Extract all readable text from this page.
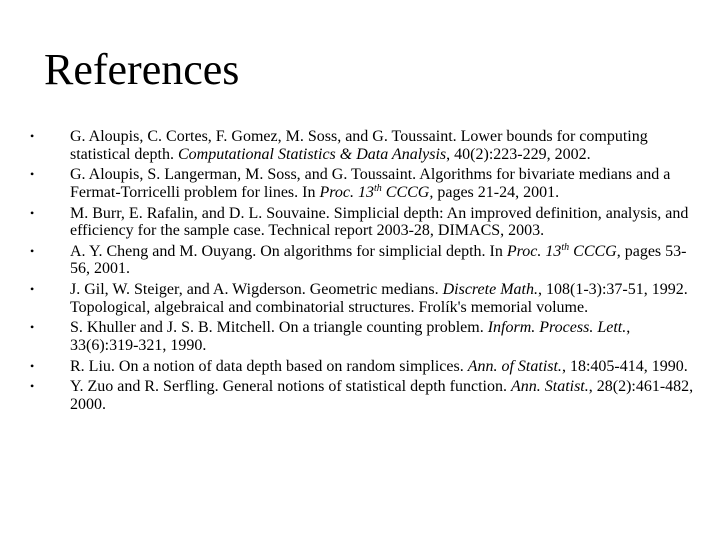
References
• G. Aloupis, C. Cortes, F. Gomez, M. Soss, and G. Toussaint. Lower bounds for computing statistical depth. Computational Statistics & Data Analysis, 40(2):223-229, 2002.
• G. Aloupis, S. Langerman, M. Soss, and G. Toussaint. Algorithms for bivariate medians and a Fermat-Torricelli problem for lines. In Proc. 13th CCCG, pages 21-24, 2001.
• M. Burr, E. Rafalin, and D. L. Souvaine. Simplicial depth: An improved definition, analysis, and efficiency for the sample case. Technical report 2003-28, DIMACS, 2003.
• A. Y. Cheng and M. Ouyang. On algorithms for simplicial depth. In Proc. 13th CCCG, pages 53-56, 2001.
• J. Gil, W. Steiger, and A. Wigderson. Geometric medians. Discrete Math., 108(1-3):37-51, 1992. Topological, algebraical and combinatorial structures. Frolík's memorial volume.
• S. Khuller and J. S. B. Mitchell. On a triangle counting problem. Inform. Process. Lett., 33(6):319-321, 1990.
• R. Liu. On a notion of data depth based on random simplices. Ann. of Statist., 18:405-414, 1990.
• Y. Zuo and R. Serfling. General notions of statistical depth function. Ann. Statist., 28(2):461-482, 2000.
